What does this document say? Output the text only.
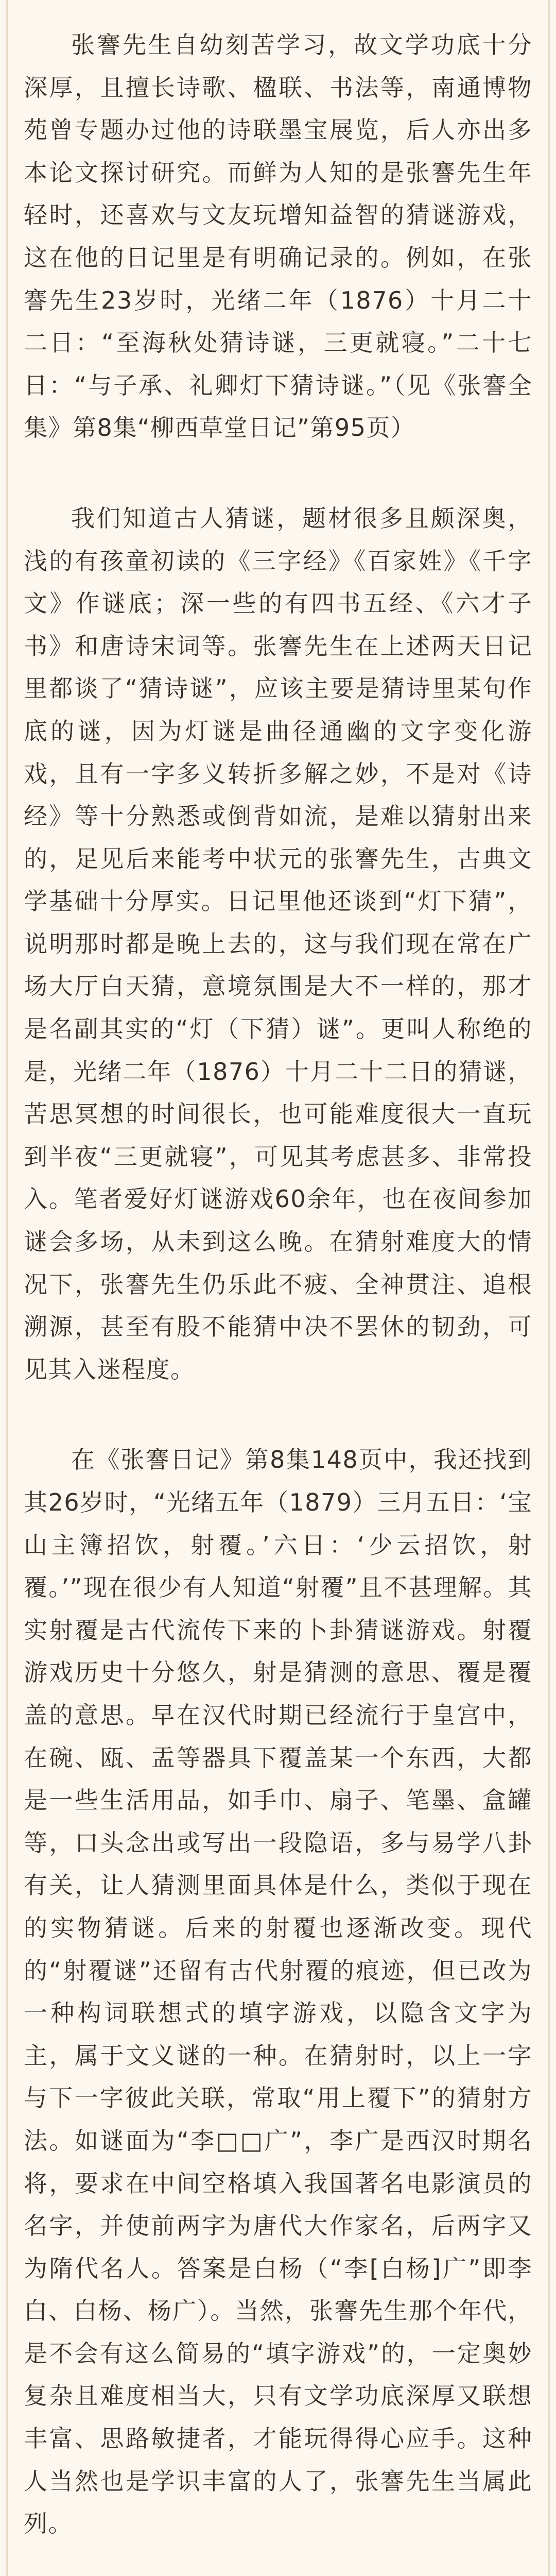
张謇先生自幼刻苦学习，故文学功底十分深厚，且擅长诗歌、楹联、书法等，南通博物苑曾专题办过他的诗联墨宝展览，后人亦出多本论文探讨研究。而鲜为人知的是张謇先生年轻时，还喜欢与文友玩增知益智的猜谜游戏，这在他的日记里是有明确记录的。例如，在张謇先生23岁时，光绪二年（1876）十月二十二日：“至海秋处猜诗谜，三更就寝。”二十七日：“与子承、礼卿灯下猜诗谜。”（见《张謇全集》第8集“柳西草堂日记”第95页）

我们知道古人猜谜，题材很多且颇深奥，浅的有孩童初读的《三字经》《百家姓》《千字文》作谜底；深一些的有四书五经、《六才子书》和唐诗宋词等。张謇先生在上述两天日记里都谈了“猜诗谜”，应该主要是猜诗里某句作底的谜，因为灯谜是曲径通幽的文字变化游戏，且有一字多义转折多解之妙，不是对《诗经》等十分熟悉或倒背如流，是难以猜射出来的，足见后来能考中状元的张謇先生，古典文学基础十分厚实。日记里他还谈到“灯下猜”，说明那时都是晚上去的，这与我们现在常在广场大厅白天猜，意境氛围是大不一样的，那才是名副其实的“灯（下猜）谜”。更叫人称绝的是，光绪二年（1876）十月二十二日的猜谜，苦思冥想的时间很长，也可能难度很大一直玩到半夜“三更就寝”，可见其考虑甚多、非常投入。笔者爱好灯谜游戏60余年，也在夜间参加谜会多场，从未到这么晚。在猜射难度大的情况下，张謇先生仍乐此不疲、全神贯注、追根溯源，甚至有股不能猜中决不罢休的韧劲，可见其入迷程度。

在《张謇日记》第8集148页中，我还找到其26岁时，“光绪五年（1879）三月五日：‘宝山主簿招饮，射覆。’六日：‘少云招饮，射覆。’”现在很少有人知道“射覆”且不甚理解。其实射覆是古代流传下来的卜卦猜谜游戏。射覆游戏历史十分悠久，射是猜测的意思、覆是覆盖的意思。早在汉代时期已经流行于皇宫中，在碗、瓯、盂等器具下覆盖某一个东西，大都是一些生活用品，如手巾、扇子、笔墨、盒罐等，口头念出或写出一段隐语，多与易学八卦有关，让人猜测里面具体是什么，类似于现在的实物猜谜。后来的射覆也逐渐改变。现代的“射覆谜”还留有古代射覆的痕迹，但已改为一种构词联想式的填字游戏，以隐含文字为主，属于文义谜的一种。在猜射时，以上一字与下一字彼此关联，常取“用上覆下”的猜射方法。如谜面为“李□□广”，李广是西汉时期名将，要求在中间空格填入我国著名电影演员的名字，并使前两字为唐代大作家名，后两字又为隋代名人。答案是白杨（“李[白杨]广”即李白、白杨、杨广）。当然，张謇先生那个年代，是不会有这么简易的“填字游戏”的，一定奥妙复杂且难度相当大，只有文学功底深厚又联想丰富、思路敏捷者，才能玩得得心应手。这种人当然也是学识丰富的人了，张謇先生当属此列。
